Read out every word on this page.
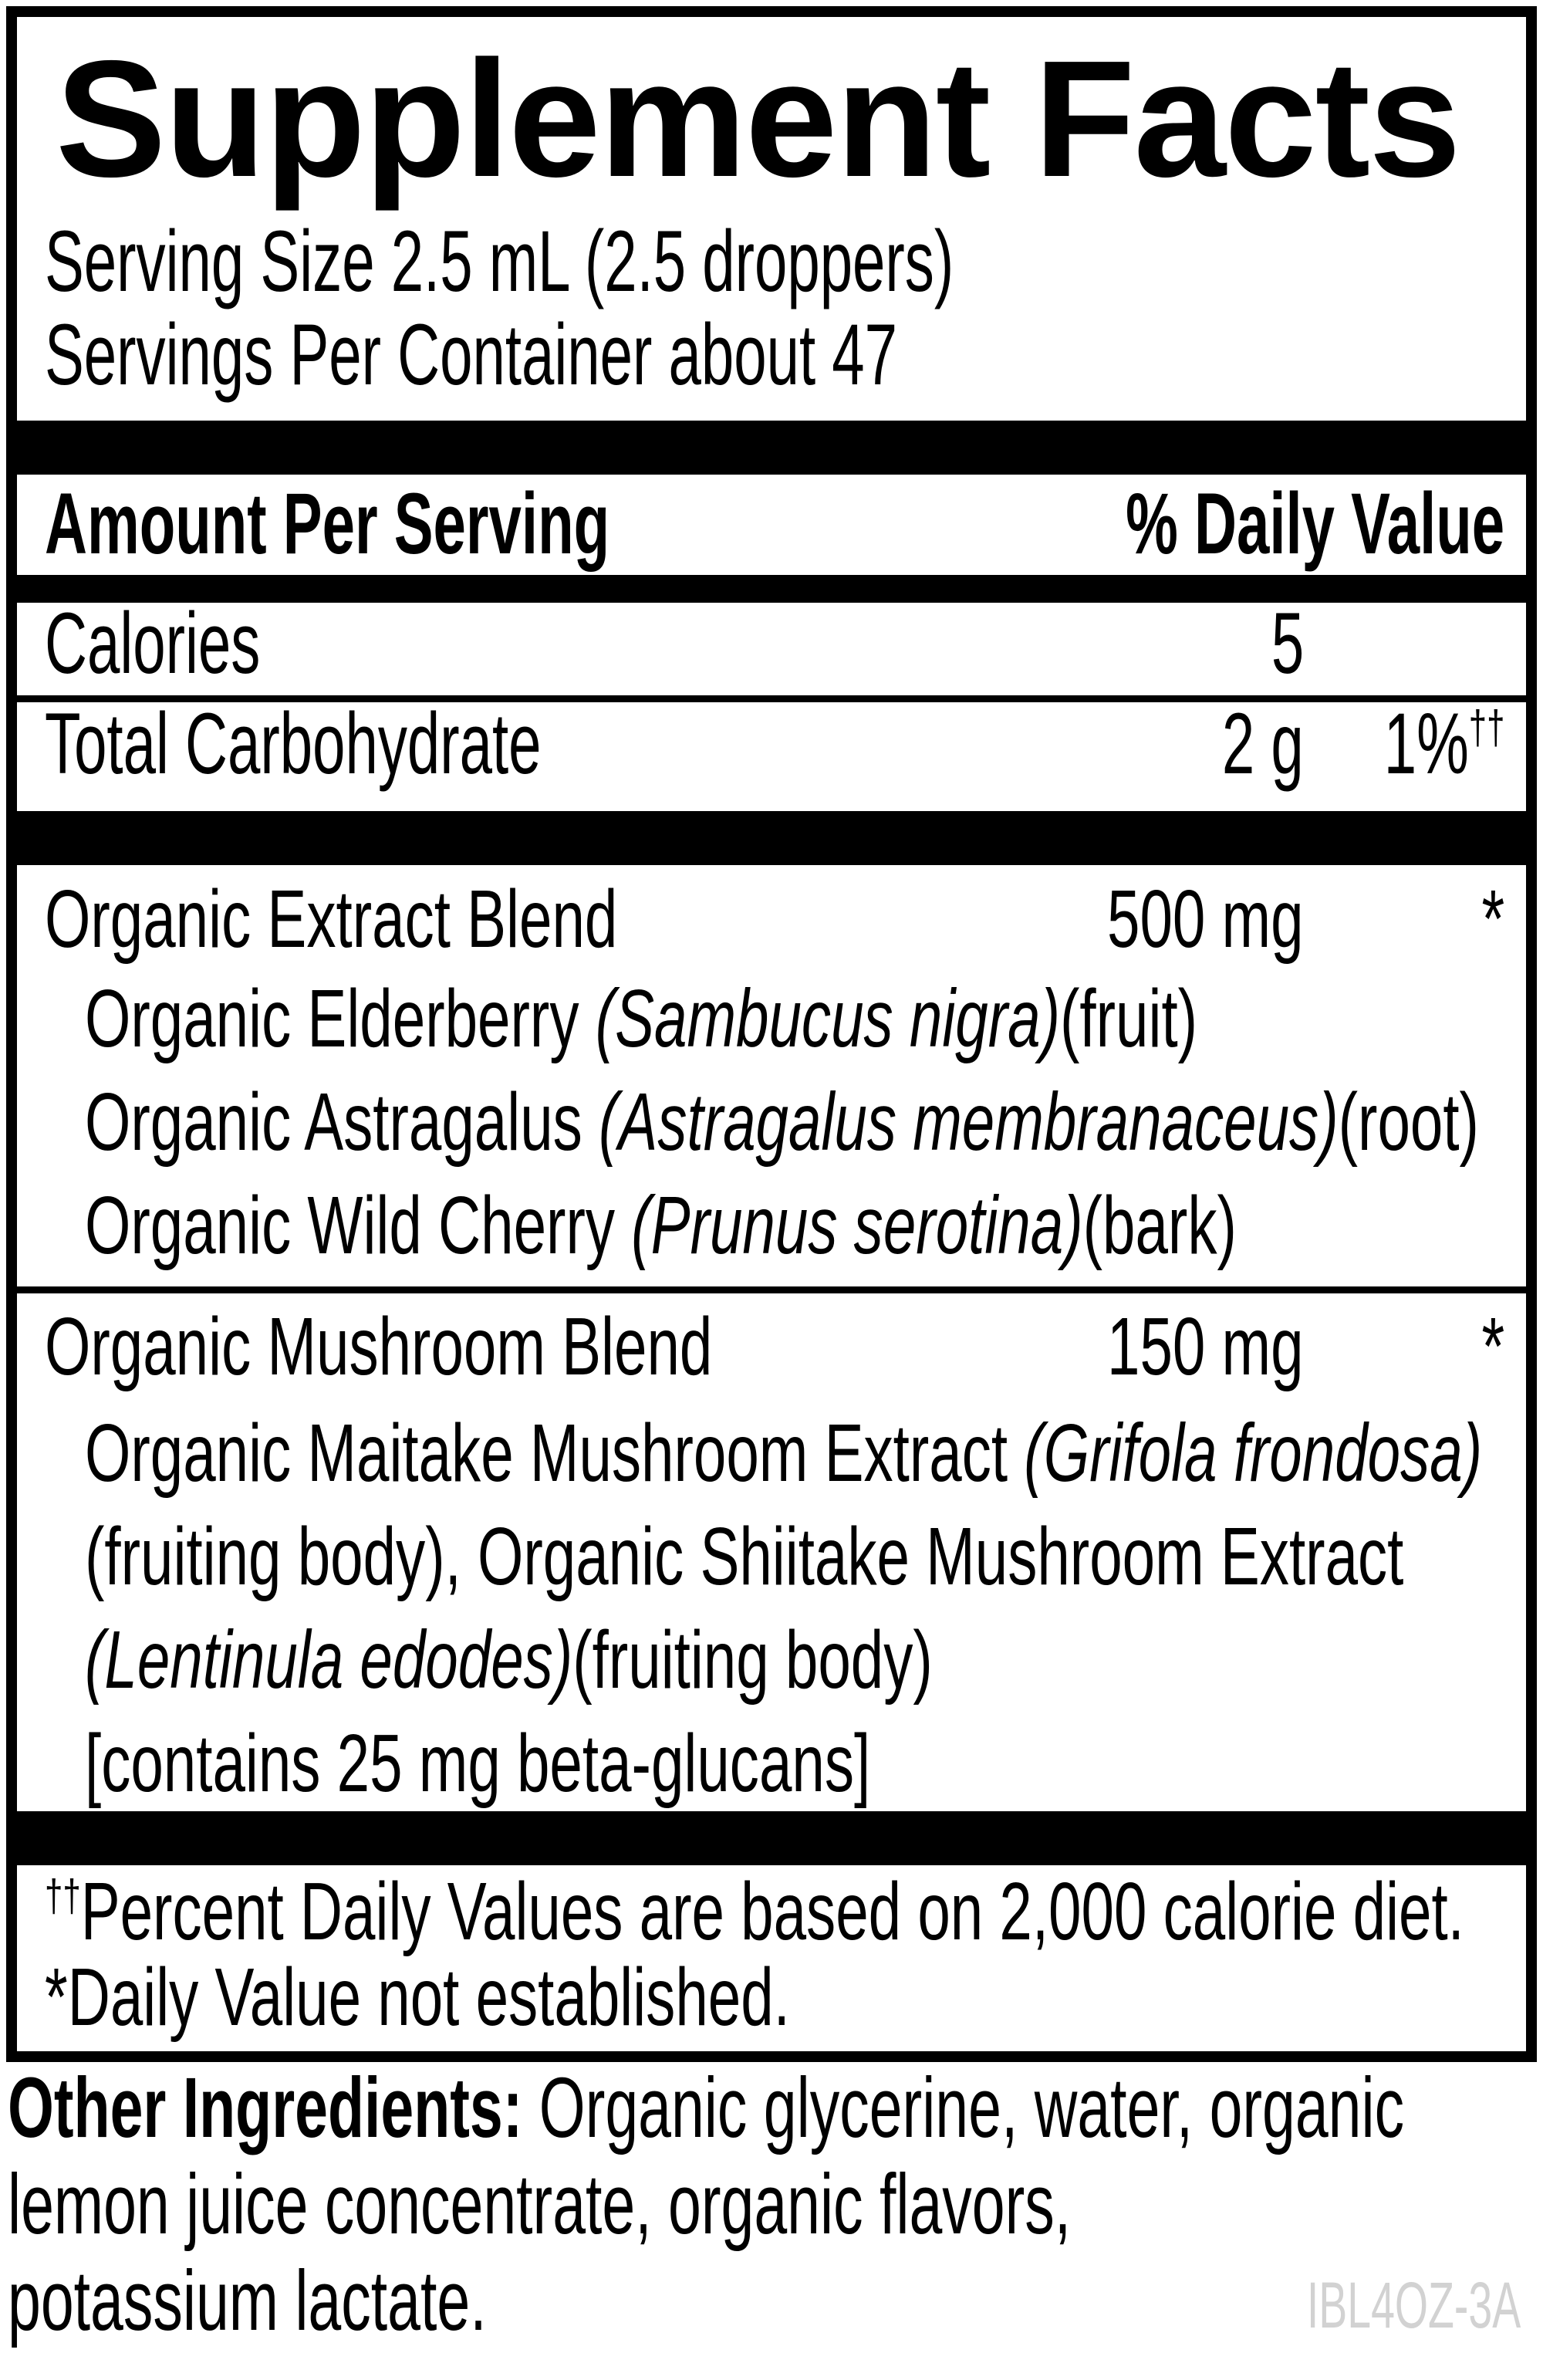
Supplement Facts
Serving Size 2.5 mL (2.5 droppers)
Servings Per Container about 47
Amount Per Serving	% Daily Value
Calories	5
Total Carbohydrate	2 g 1%††
Organic Extract Blend	500 mg *
Organic Elderberry (Sambucus nigra)(fruit)
Organic Astragalus (Astragalus membranaceus)(root)
Organic Wild Cherry (Prunus serotina)(bark)
Organic Mushroom Blend	150 mg *
Organic Maitake Mushroom Extract (Grifola frondosa)
(fruiting body), Organic Shiitake Mushroom Extract
(Lentinula edodes)(fruiting body)
[contains 25 mg beta-glucans]
††Percent Daily Values are based on 2,000 calorie diet.
*Daily Value not established.
Other Ingredients: Organic glycerine, water, organic
lemon juice concentrate, organic flavors,
potassium lactate.	IBL4OZ-3A
